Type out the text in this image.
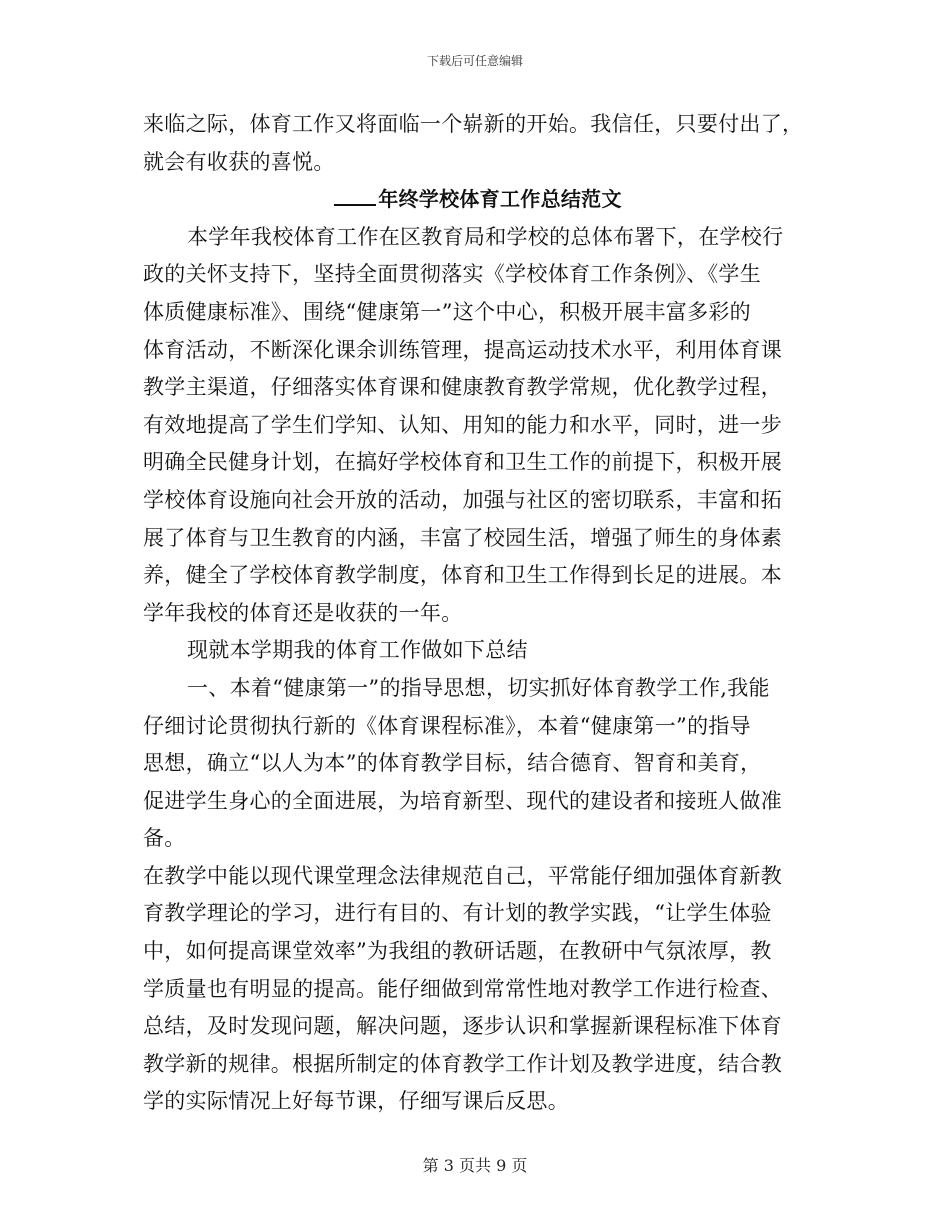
下载后可任意编辑
来临之际，体育工作又将面临一个崭新的开始。我信任，只要付出了，
就会有收获的喜悦。
年终学校体育工作总结范文
本学年我校体育工作在区教育局和学校的总体布署下，在学校行
政的关怀支持下，坚持全面贯彻落实《学校体育工作条例》、《学生
体质健康标准》、围绕“健康第一”这个中心，积极开展丰富多彩的
体育活动，不断深化课余训练管理，提高运动技术水平，利用体育课
教学主渠道，仔细落实体育课和健康教育教学常规，优化教学过程，
有效地提高了学生们学知、认知、用知的能力和水平，同时，进一步
明确全民健身计划，在搞好学校体育和卫生工作的前提下，积极开展
学校体育设施向社会开放的活动，加强与社区的密切联系，丰富和拓
展了体育与卫生教育的内涵，丰富了校园生活，增强了师生的身体素
养，健全了学校体育教学制度，体育和卫生工作得到长足的进展。本
学年我校的体育还是收获的一年。
现就本学期我的体育工作做如下总结
一、本着“健康第一”的指导思想，切实抓好体育教学工作,我能
仔细讨论贯彻执行新的《体育课程标准》，本着“健康第一”的指导
思想，确立“以人为本”的体育教学目标，结合德育、智育和美育，
促进学生身心的全面进展，为培育新型、现代的建设者和接班人做准
备。
在教学中能以现代课堂理念法律规范自己，平常能仔细加强体育新教
育教学理论的学习，进行有目的、有计划的教学实践，“让学生体验
中，如何提高课堂效率”为我组的教研话题，在教研中气氛浓厚，教
学质量也有明显的提高。能仔细做到常常性地对教学工作进行检查、
总结，及时发现问题，解决问题，逐步认识和掌握新课程标准下体育
教学新的规律。根据所制定的体育教学工作计划及教学进度，结合教
学的实际情况上好每节课，仔细写课后反思。
第 3 页共 9 页
